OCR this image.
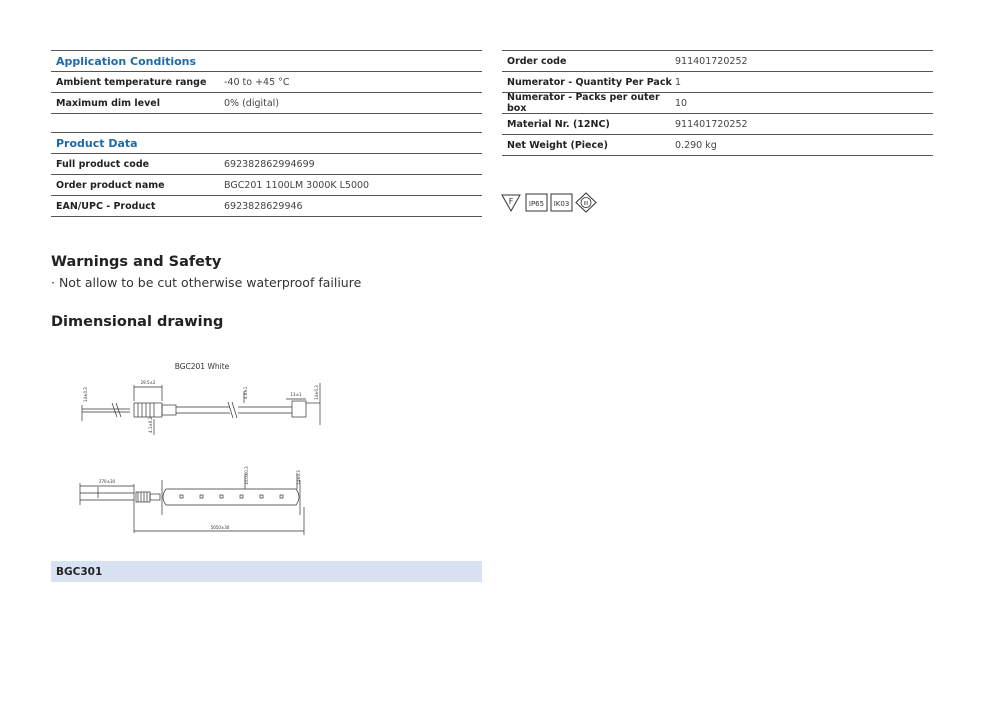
Application Conditions
Ambient temperature range	-40 to +45 °C
Maximum dim level	0% (digital)
Product Data
Full product code	692382862994699
Order product name	BGC201 1100LM 3000K L5000
EAN/UPC - Product	6923828629946
Order code	911401720252
Numerator - Quantity Per Pack 1
Numerator - Packs per outer box	10
Material Nr. (12NC)	911401720252
Net Weight (Piece)	0.290 kg
F IP65 IK03	III
Warnings and Safety
· Not allow to be cut otherwise waterproof failiure
Dimensional drawing
BGC201 White
14±0.3
29.5±2
13±1	14±0.3
4.1±0.2
4.6±1
270±30	10.0±0.3	14±0.3
5050±30
BGC301
